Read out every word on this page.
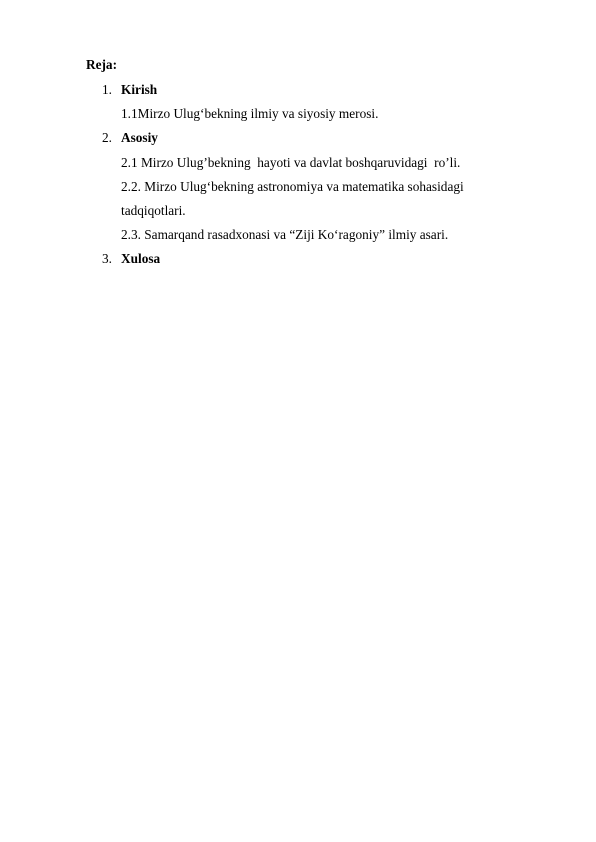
Reja:
1. Kirish
1.1Mirzo Ulug‘bekning ilmiy va siyosiy merosi.
2. Asosiy
2.1 Mirzo Ulug’bekning  hayoti va davlat boshqaruvidagi  ro’li.
2.2. Mirzo Ulug‘bekning astronomiya va matematika sohasidagi
tadqiqotlari.
2.3. Samarqand rasadxonasi va “Ziji Ko‘ragoniy” ilmiy asari.
3. Xulosa
